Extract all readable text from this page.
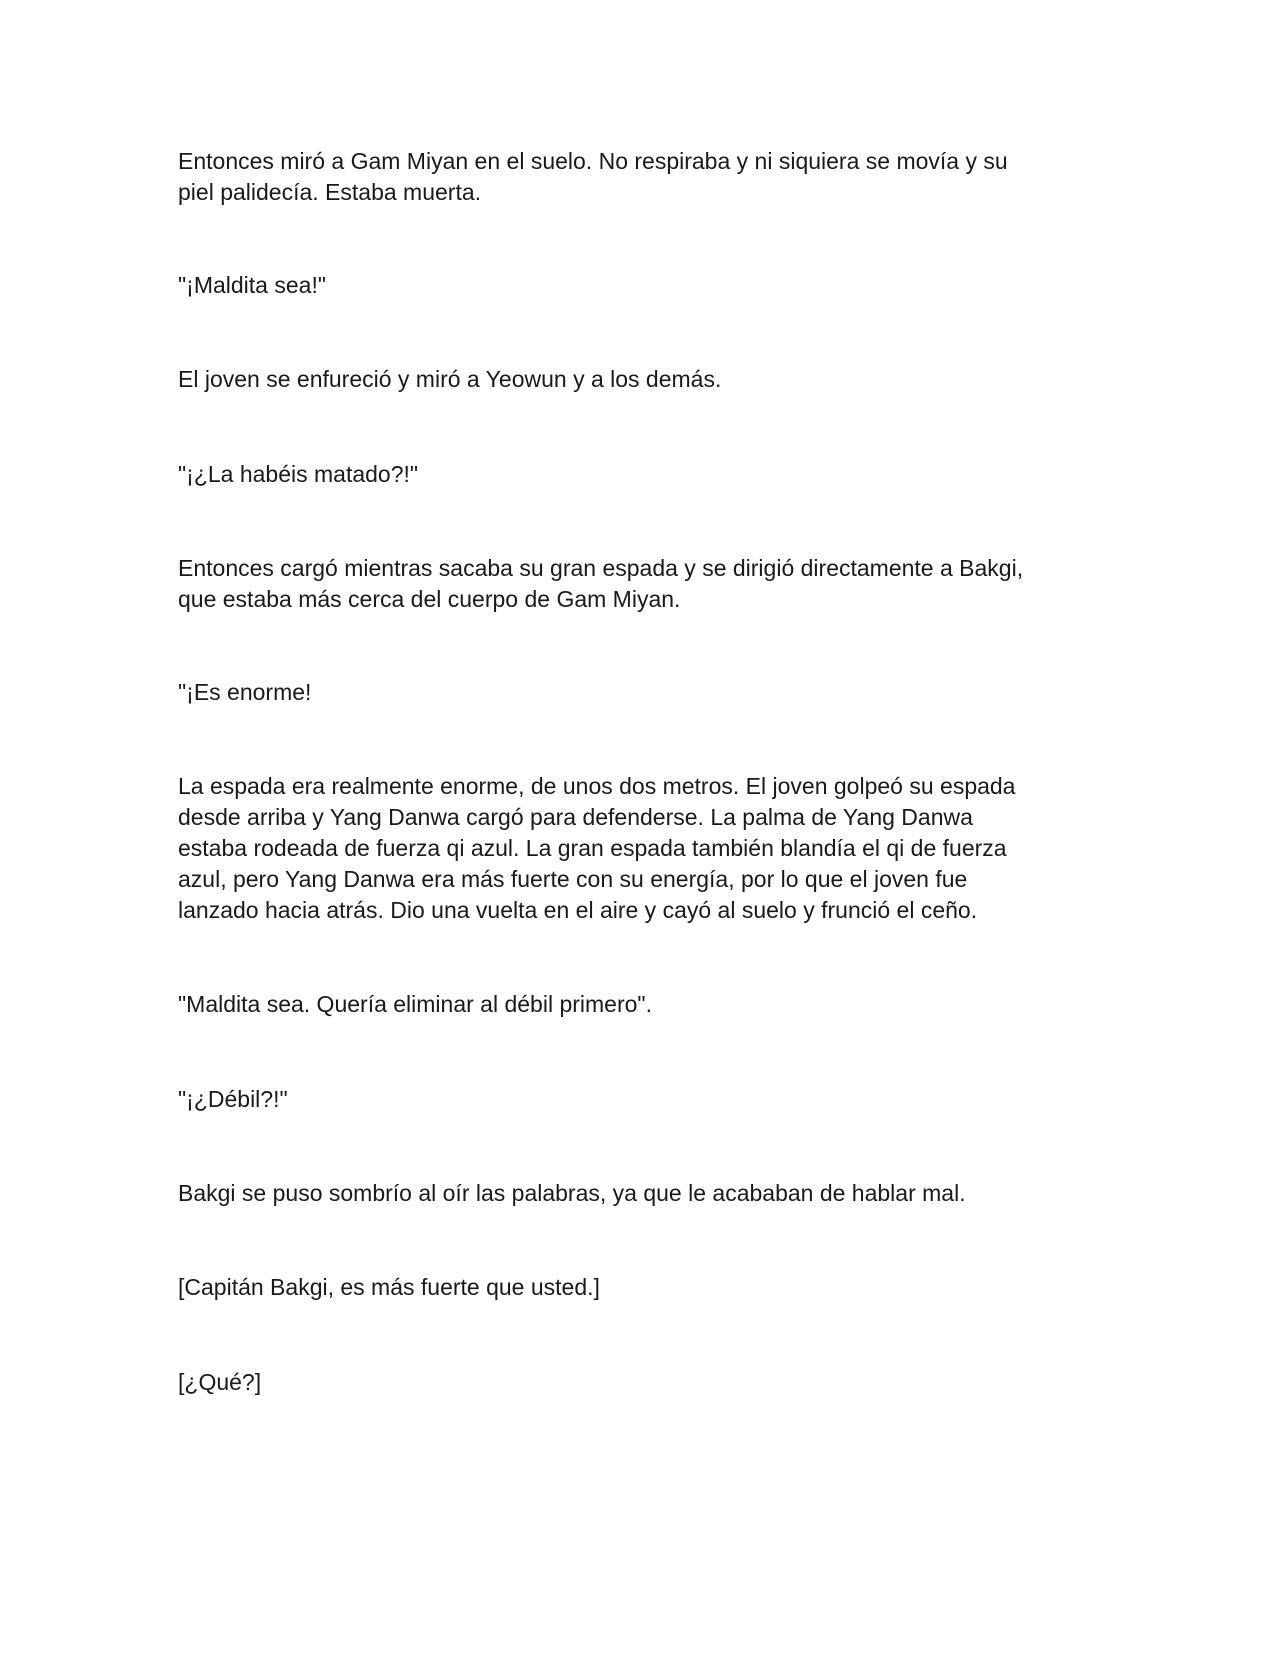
Entonces miró a Gam Miyan en el suelo. No respiraba y ni siquiera se movía y su
piel palidecía. Estaba muerta.

"¡Maldita sea!"

El joven se enfureció y miró a Yeowun y a los demás.

"¡¿La habéis matado?!"

Entonces cargó mientras sacaba su gran espada y se dirigió directamente a Bakgi,
que estaba más cerca del cuerpo de Gam Miyan.

"¡Es enorme!

La espada era realmente enorme, de unos dos metros. El joven golpeó su espada
desde arriba y Yang Danwa cargó para defenderse. La palma de Yang Danwa
estaba rodeada de fuerza qi azul. La gran espada también blandía el qi de fuerza
azul, pero Yang Danwa era más fuerte con su energía, por lo que el joven fue
lanzado hacia atrás. Dio una vuelta en el aire y cayó al suelo y frunció el ceño.

"Maldita sea. Quería eliminar al débil primero".

"¡¿Débil?!"

Bakgi se puso sombrío al oír las palabras, ya que le acababan de hablar mal.

[Capitán Bakgi, es más fuerte que usted.]

[¿Qué?]
